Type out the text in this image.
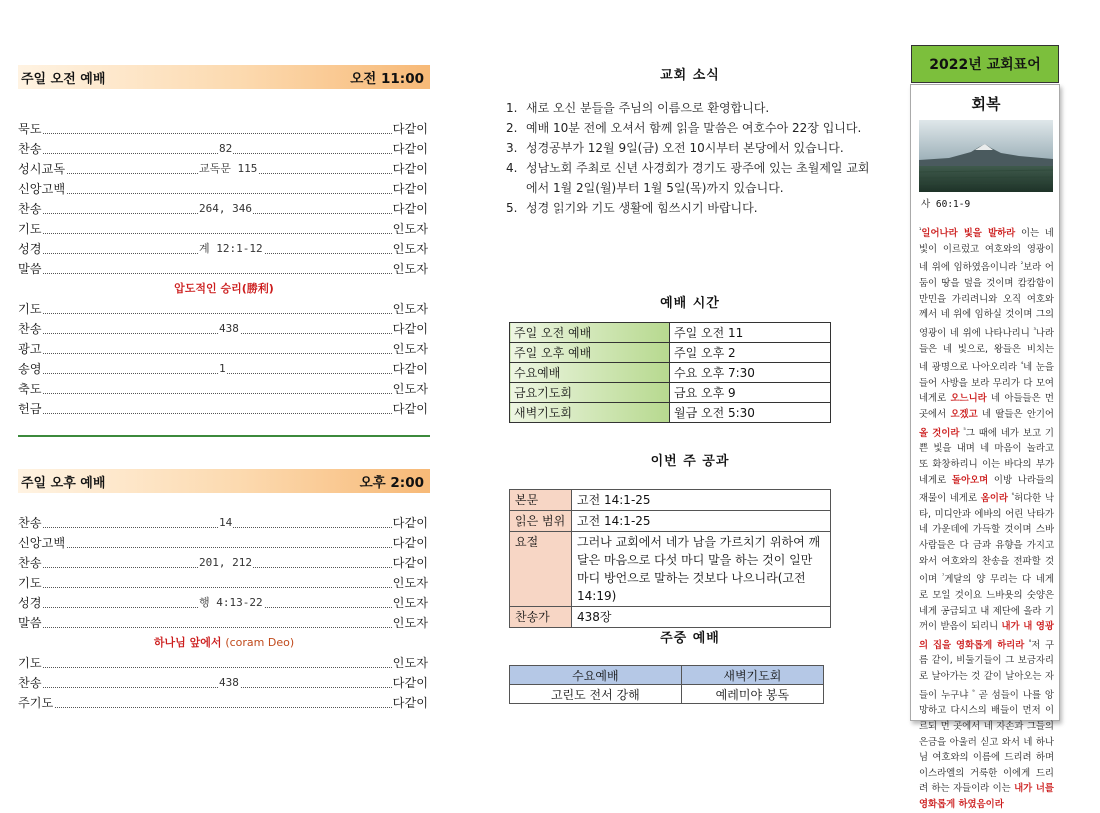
주일 오전 예배	오전 11:00
묵도	다같이
찬송	82	다같이
성시교독	교독문 115	다같이
신앙고백	다같이
찬송	264, 346	다같이
기도	인도자
성경	계 12:1-12	인도자
말씀	인도자
압도적인 승리(勝利)
기도	인도자
찬송	438	다같이
광고	인도자
송영	1	다같이
축도	인도자
헌금	다같이
주일 오후 예배	오후 2:00
찬송	14	다같이
신앙고백	다같이
찬송	201, 212	다같이
기도	인도자
성경	행 4:13-22	인도자
말씀	인도자
하나님 앞에서 (coram Deo)
기도	인도자
찬송	438	다같이
주기도	다같이
교회 소식
1. 새로 오신 분들을 주님의 이름으로 환영합니다.
2. 예배 10분 전에 오셔서 함께 읽을 말씀은 여호수아 22장 입니다.
3. 성경공부가 12월 9일(금) 오전 10시부터 본당에서 있습니다.
4. 성남노회 주최로 신년 사경회가 경기도 광주에 있는 초월제일 교회에서 1월 2일(월)부터 1월 5일(목)까지 있습니다.
5. 성경 읽기와 기도 생활에 힘쓰시기 바랍니다.
예배 시간
주일 오전 예배	주일 오전 11
주일 오후 예배	주일 오후 2
수요예배	수요 오후 7:30
금요기도회	금요 오후 9
새벽기도회	월금 오전 5:30
이번 주 공과
본문	고전 14:1-25
읽은 범위	고전 14:1-25
요절	그러나 교회에서 네가 남을 가르치기 위하여 깨달은 마음으로 다섯 마디 말을 하는 것이 일만 마디 방언으로 말하는 것보다 나으니라(고전 14:19)
찬송가	438장
주중 예배
수요예배	새벽기도회
고린도 전서 강해	예레미야 봉독
2022년 교회표어
회복
사 60:1-9
$^{^1}$일어나라 빛을 발하라 이는 네 빛이 이르렀고 여호와의 영광이 네 위에 임하였음이니라 $^{^2}$보라 어둠이 땅을 덮을 것이며 캄캄함이 만민을 가리려니와 오직 여호와께서 네 위에 임하실 것이며 그의 영광이 네 위에 나타나리니 $^{^3}$나라들은 네 빛으로, 왕들은 비치는 네 광명으로 나아오리라 $^{^4}$네 눈을 들어 사방을 보라 무리가 다 모여 네게로 오느니라 네 아들들은 먼 곳에서 오겠고 네 딸들은 안기어 올 것이라 $^{^5}$그 때에 네가 보고 기쁜 빛을 내며 네 마음이 놀라고 또 화창하리니 이는 바다의 부가 네게로 돌아오며 이방 나라들의 재물이 네게로 옴이라 $^{^6}$허다한 낙타, 미디안과 에바의 어린 낙타가 네 가운데에 가득할 것이며 스바 사람들은 다 금과 유향을 가지고 와서 여호와의 찬송을 전파할 것이며 $^{^7}$게달의 양 무리는 다 네게로 모일 것이요 느바욧의 숫양은 네게 공급되고 내 제단에 올라 기꺼이 받음이 되리니 내가 내 영광의 집을 영화롭게 하리라 $^{^8}$저 구름 같이, 비둘기들이 그 보금자리로 날아가는 것 같이 날아오는 자들이 누구냐 $^{^9}$ 곧 섬들이 나를 앙망하고 다시스의 배들이 먼저 이르되 먼 곳에서 네 자손과 그들의 은금을 아울러 싣고 와서 네 하나님 여호와의 이름에 드리려 하며 이스라엘의 거룩한 이에게 드리려 하는 자들이라 이는 내가 너를 영화롭게 하였음이라
